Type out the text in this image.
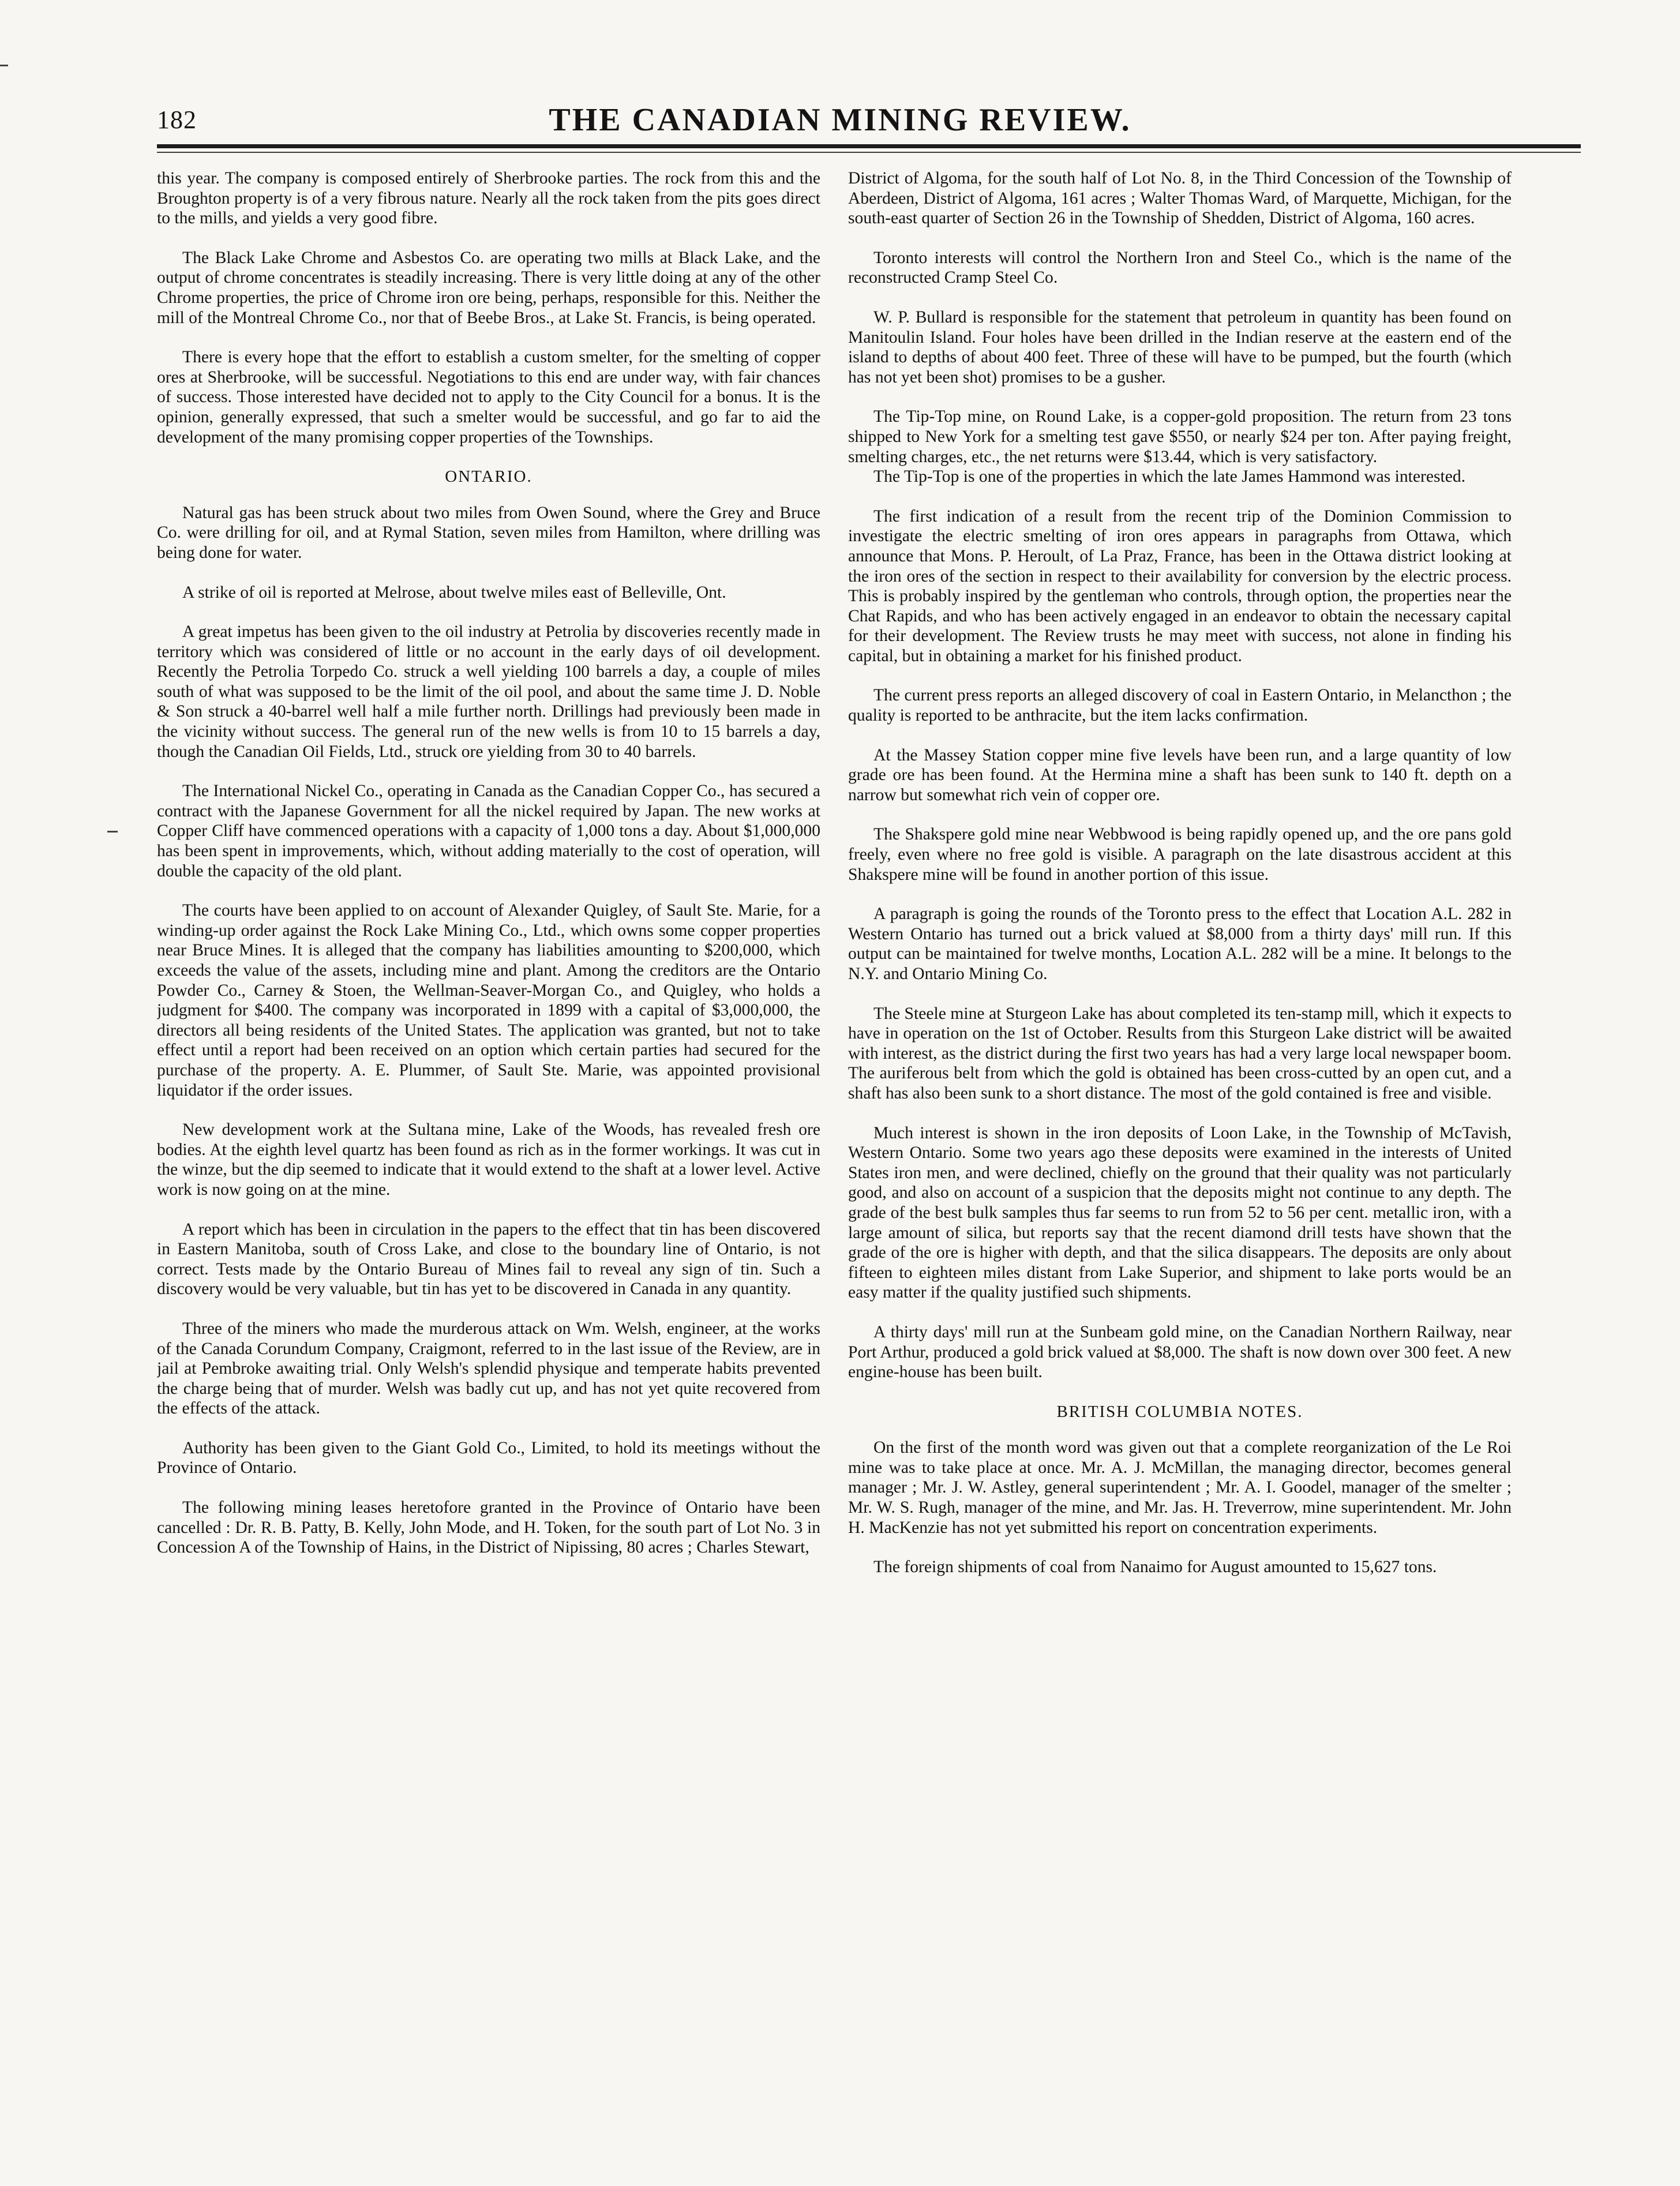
182	THE CANADIAN MINING REVIEW.

this year. The company is composed entirely of Sherbrooke parties. The rock from this and the Broughton property is of a very fibrous nature. Nearly all the rock taken from the pits goes direct to the mills, and yields a very good fibre.

The Black Lake Chrome and Asbestos Co. are operating two mills at Black Lake, and the output of chrome concentrates is steadily increasing. There is very little doing at any of the other Chrome properties, the price of Chrome iron ore being, perhaps, responsible for this. Neither the mill of the Montreal Chrome Co., nor that of Beebe Bros., at Lake St. Francis, is being operated.

There is every hope that the effort to establish a custom smelter, for the smelting of copper ores at Sherbrooke, will be successful. Negotiations to this end are under way, with fair chances of success. Those interested have decided not to apply to the City Council for a bonus. It is the opinion, generally expressed, that such a smelter would be successful, and go far to aid the development of the many promising copper properties of the Townships.

ONTARIO.

Natural gas has been struck about two miles from Owen Sound, where the Grey and Bruce Co. were drilling for oil, and at Rymal Station, seven miles from Hamilton, where drilling was being done for water.

A strike of oil is reported at Melrose, about twelve miles east of Belleville, Ont.

A great impetus has been given to the oil industry at Petrolia by discoveries recently made in territory which was considered of little or no account in the early days of oil development. Recently the Petrolia Torpedo Co. struck a well yielding 100 barrels a day, a couple of miles south of what was supposed to be the limit of the oil pool, and about the same time J. D. Noble & Son struck a 40-barrel well half a mile further north. Drillings had previously been made in the vicinity without success. The general run of the new wells is from 10 to 15 barrels a day, though the Canadian Oil Fields, Ltd., struck ore yielding from 30 to 40 barrels.

The International Nickel Co., operating in Canada as the Canadian Copper Co., has secured a contract with the Japanese Government for all the nickel required by Japan. The new works at Copper Cliff have commenced operations with a capacity of 1,000 tons a day. About $1,000,000 has been spent in improvements, which, without adding materially to the cost of operation, will double the capacity of the old plant.

The courts have been applied to on account of Alexander Quigley, of Sault Ste. Marie, for a winding-up order against the Rock Lake Mining Co., Ltd., which owns some copper properties near Bruce Mines. It is alleged that the company has liabilities amounting to $200,000, which exceeds the value of the assets, including mine and plant. Among the creditors are the Ontario Powder Co., Carney & Stoen, the Wellman-Seaver-Morgan Co., and Quigley, who holds a judgment for $400. The company was incorporated in 1899 with a capital of $3,000,000, the directors all being residents of the United States. The application was granted, but not to take effect until a report had been received on an option which certain parties had secured for the purchase of the property. A. E. Plummer, of Sault Ste. Marie, was appointed provisional liquidator if the order issues.

New development work at the Sultana mine, Lake of the Woods, has revealed fresh ore bodies. At the eighth level quartz has been found as rich as in the former workings. It was cut in the winze, but the dip seemed to indicate that it would extend to the shaft at a lower level. Active work is now going on at the mine.

A report which has been in circulation in the papers to the effect that tin has been discovered in Eastern Manitoba, south of Cross Lake, and close to the boundary line of Ontario, is not correct. Tests made by the Ontario Bureau of Mines fail to reveal any sign of tin. Such a discovery would be very valuable, but tin has yet to be discovered in Canada in any quantity.

Three of the miners who made the murderous attack on Wm. Welsh, engineer, at the works of the Canada Corundum Company, Craigmont, referred to in the last issue of the Review, are in jail at Pembroke awaiting trial. Only Welsh's splendid physique and temperate habits prevented the charge being that of murder. Welsh was badly cut up, and has not yet quite recovered from the effects of the attack.

Authority has been given to the Giant Gold Co., Limited, to hold its meetings without the Province of Ontario.

The following mining leases heretofore granted in the Province of Ontario have been cancelled : Dr. R. B. Patty, B. Kelly, John Mode, and H. Token, for the south part of Lot No. 3 in Concession A of the Township of Hains, in the District of Nipissing, 80 acres ; Charles Stewart,

District of Algoma, for the south half of Lot No. 8, in the Third Concession of the Township of Aberdeen, District of Algoma, 161 acres ; Walter Thomas Ward, of Marquette, Michigan, for the south-east quarter of Section 26 in the Township of Shedden, District of Algoma, 160 acres.

Toronto interests will control the Northern Iron and Steel Co., which is the name of the reconstructed Cramp Steel Co.

W. P. Bullard is responsible for the statement that petroleum in quantity has been found on Manitoulin Island. Four holes have been drilled in the Indian reserve at the eastern end of the island to depths of about 400 feet. Three of these will have to be pumped, but the fourth (which has not yet been shot) promises to be a gusher.

The Tip-Top mine, on Round Lake, is a copper-gold proposition. The return from 23 tons shipped to New York for a smelting test gave $550, or nearly $24 per ton. After paying freight, smelting charges, etc., the net returns were $13.44, which is very satisfactory.

The Tip-Top is one of the properties in which the late James Hammond was interested.

The first indication of a result from the recent trip of the Dominion Commission to investigate the electric smelting of iron ores appears in paragraphs from Ottawa, which announce that Mons. P. Heroult, of La Praz, France, has been in the Ottawa district looking at the iron ores of the section in respect to their availability for conversion by the electric process. This is probably inspired by the gentleman who controls, through option, the properties near the Chat Rapids, and who has been actively engaged in an endeavor to obtain the necessary capital for their development. The Review trusts he may meet with success, not alone in finding his capital, but in obtaining a market for his finished product.

The current press reports an alleged discovery of coal in Eastern Ontario, in Melancthon ; the quality is reported to be anthracite, but the item lacks confirmation.

At the Massey Station copper mine five levels have been run, and a large quantity of low grade ore has been found. At the Hermina mine a shaft has been sunk to 140 ft. depth on a narrow but somewhat rich vein of copper ore.

The Shakspere gold mine near Webbwood is being rapidly opened up, and the ore pans gold freely, even where no free gold is visible. A paragraph on the late disastrous accident at this Shakspere mine will be found in another portion of this issue.

A paragraph is going the rounds of the Toronto press to the effect that Location A.L. 282 in Western Ontario has turned out a brick valued at $8,000 from a thirty days' mill run. If this output can be maintained for twelve months, Location A.L. 282 will be a mine. It belongs to the N.Y. and Ontario Mining Co.

The Steele mine at Sturgeon Lake has about completed its ten-stamp mill, which it expects to have in operation on the 1st of October. Results from this Sturgeon Lake district will be awaited with interest, as the district during the first two years has had a very large local newspaper boom. The auriferous belt from which the gold is obtained has been cross-cutted by an open cut, and a shaft has also been sunk to a short distance. The most of the gold contained is free and visible.

Much interest is shown in the iron deposits of Loon Lake, in the Township of McTavish, Western Ontario. Some two years ago these deposits were examined in the interests of United States iron men, and were declined, chiefly on the ground that their quality was not particularly good, and also on account of a suspicion that the deposits might not continue to any depth. The grade of the best bulk samples thus far seems to run from 52 to 56 per cent. metallic iron, with a large amount of silica, but reports say that the recent diamond drill tests have shown that the grade of the ore is higher with depth, and that the silica disappears. The deposits are only about fifteen to eighteen miles distant from Lake Superior, and shipment to lake ports would be an easy matter if the quality justified such shipments.

A thirty days' mill run at the Sunbeam gold mine, on the Canadian Northern Railway, near Port Arthur, produced a gold brick valued at $8,000. The shaft is now down over 300 feet. A new engine-house has been built.

BRITISH COLUMBIA NOTES.

On the first of the month word was given out that a complete reorganization of the Le Roi mine was to take place at once. Mr. A. J. McMillan, the managing director, becomes general manager ; Mr. J. W. Astley, general superintendent ; Mr. A. I. Goodel, manager of the smelter ; Mr. W. S. Rugh, manager of the mine, and Mr. Jas. H. Treverrow, mine superintendent. Mr. John H. MacKenzie has not yet submitted his report on concentration experiments.

The foreign shipments of coal from Nanaimo for August amounted to 15,627 tons.
